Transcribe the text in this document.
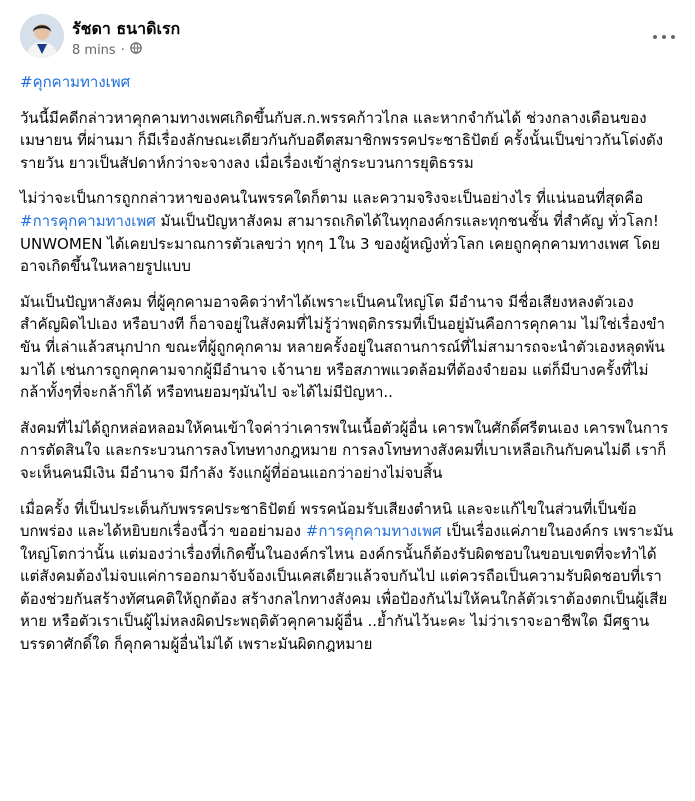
รัชดา ธนาดิเรก
8 mins ·

#คุกคามทางเพศ

วันนี้มีคดีกล่าวหาคุกคามทางเพศเกิดขึ้นกับส.ก.พรรคก้าวไกล และหากจำกันได้ ช่วงกลางเดือนของเมษายน ที่ผ่านมา ก็มีเรื่องลักษณะเดียวกันกับอดีตสมาชิกพรรคประชาธิปัตย์ ครั้งนั้นเป็นข่าวกันโด่งดังรายวัน ยาวเป็นสัปดาห์กว่าจะจางลง เมื่อเรื่องเข้าสู่กระบวนการยุติธรรม

ไม่ว่าจะเป็นการถูกกล่าวหาของคนในพรรคใดก็ตาม และความจริงจะเป็นอย่างไร ที่แน่นอนที่สุดคือ #การคุกคามทางเพศ มันเป็นปัญหาสังคม สามารถเกิดได้ในทุกองค์กรและทุกชนชั้น ที่สำคัญ ทั่วโลก! UNWOMEN ได้เคยประมาณการตัวเลขว่า ทุกๆ 1ใน 3 ของผู้หญิงทั่วโลก เคยถูกคุกคามทางเพศ โดยอาจเกิดขึ้นในหลายรูปแบบ

มันเป็นปัญหาสังคม ที่ผู้คุกคามอาจคิดว่าทำได้เพราะเป็นคนใหญ่โต มีอำนาจ มีชื่อเสียงหลงตัวเอง สำคัญผิดไปเอง หรือบางที ก็อาจอยู่ในสังคมที่ไม่รู้ว่าพฤติกรรมที่เป็นอยู่มันคือการคุกคาม ไม่ใช่เรื่องขำขัน ที่เล่าแล้วสนุกปาก ขณะที่ผู้ถูกคุกคาม หลายครั้งอยู่ในสถานการณ์ที่ไม่สามารถจะนำตัวเองหลุดพ้นมาได้ เช่นการถูกคุกคามจากผู้มีอำนาจ เจ้านาย หรือสภาพแวดล้อมที่ต้องจำยอม แต่ก็มีบางครั้งที่ไม่กล้าทั้งๆที่จะกล้าก็ได้ หรือทนยอมๆมันไป จะได้ไม่มีปัญหา..

สังคมที่ไม่ได้ถูกหล่อหลอมให้คนเข้าใจค่าว่าเคารพในเนื้อตัวผู้อื่น เคารพในศักดิ์ศรีตนเอง เคารพในการการตัดสินใจ และกระบวนการลงโทษทางกฎหมาย การลงโทษทางสังคมที่เบาเหลือเกินกับคนไม่ดี เราก็จะเห็นคนมีเงิน มีอำนาจ มีกำลัง รังแกผู้ที่อ่อนแอกว่าอย่างไม่จบสิ้น

เมื่อครั้ง ที่เป็นประเด็นกับพรรคประชาธิปัตย์ พรรคน้อมรับเสียงตำหนิ และจะแก้ไขในส่วนที่เป็นข้อบกพร่อง และได้หยิบยกเรื่องนี้ว่า ขออย่ามอง #การคุกคามทางเพศ เป็นเรื่องแค่ภายในองค์กร เพราะมันใหญ่โตกว่านั้น แต่มองว่าเรื่องที่เกิดขึ้นในองค์กรไหน องค์กรนั้นก็ต้องรับผิดชอบในขอบเขตที่จะทำได้ แต่สังคมต้องไม่จบแค่การออกมาจับจ้องเป็นเคสเดียวแล้วจบกันไป แต่ควรถือเป็นความรับผิดชอบที่เราต้องช่วยกันสร้างทัศนคติให้ถูกต้อง สร้างกลไกทางสังคม เพื่อป้องกันไม่ให้คนใกล้ตัวเราต้องตกเป็นผู้เสียหาย หรือตัวเราเป็นผู้ไม่หลงผิดประพฤติตัวคุกคามผู้อื่น ..ย้ำกันไว้นะคะ ไม่ว่าเราจะอาชีพใด มีศฐานบรรดาศักดิ์ใด ก็คุกคามผู้อื่นไม่ได้ เพราะมันผิดกฎหมาย
